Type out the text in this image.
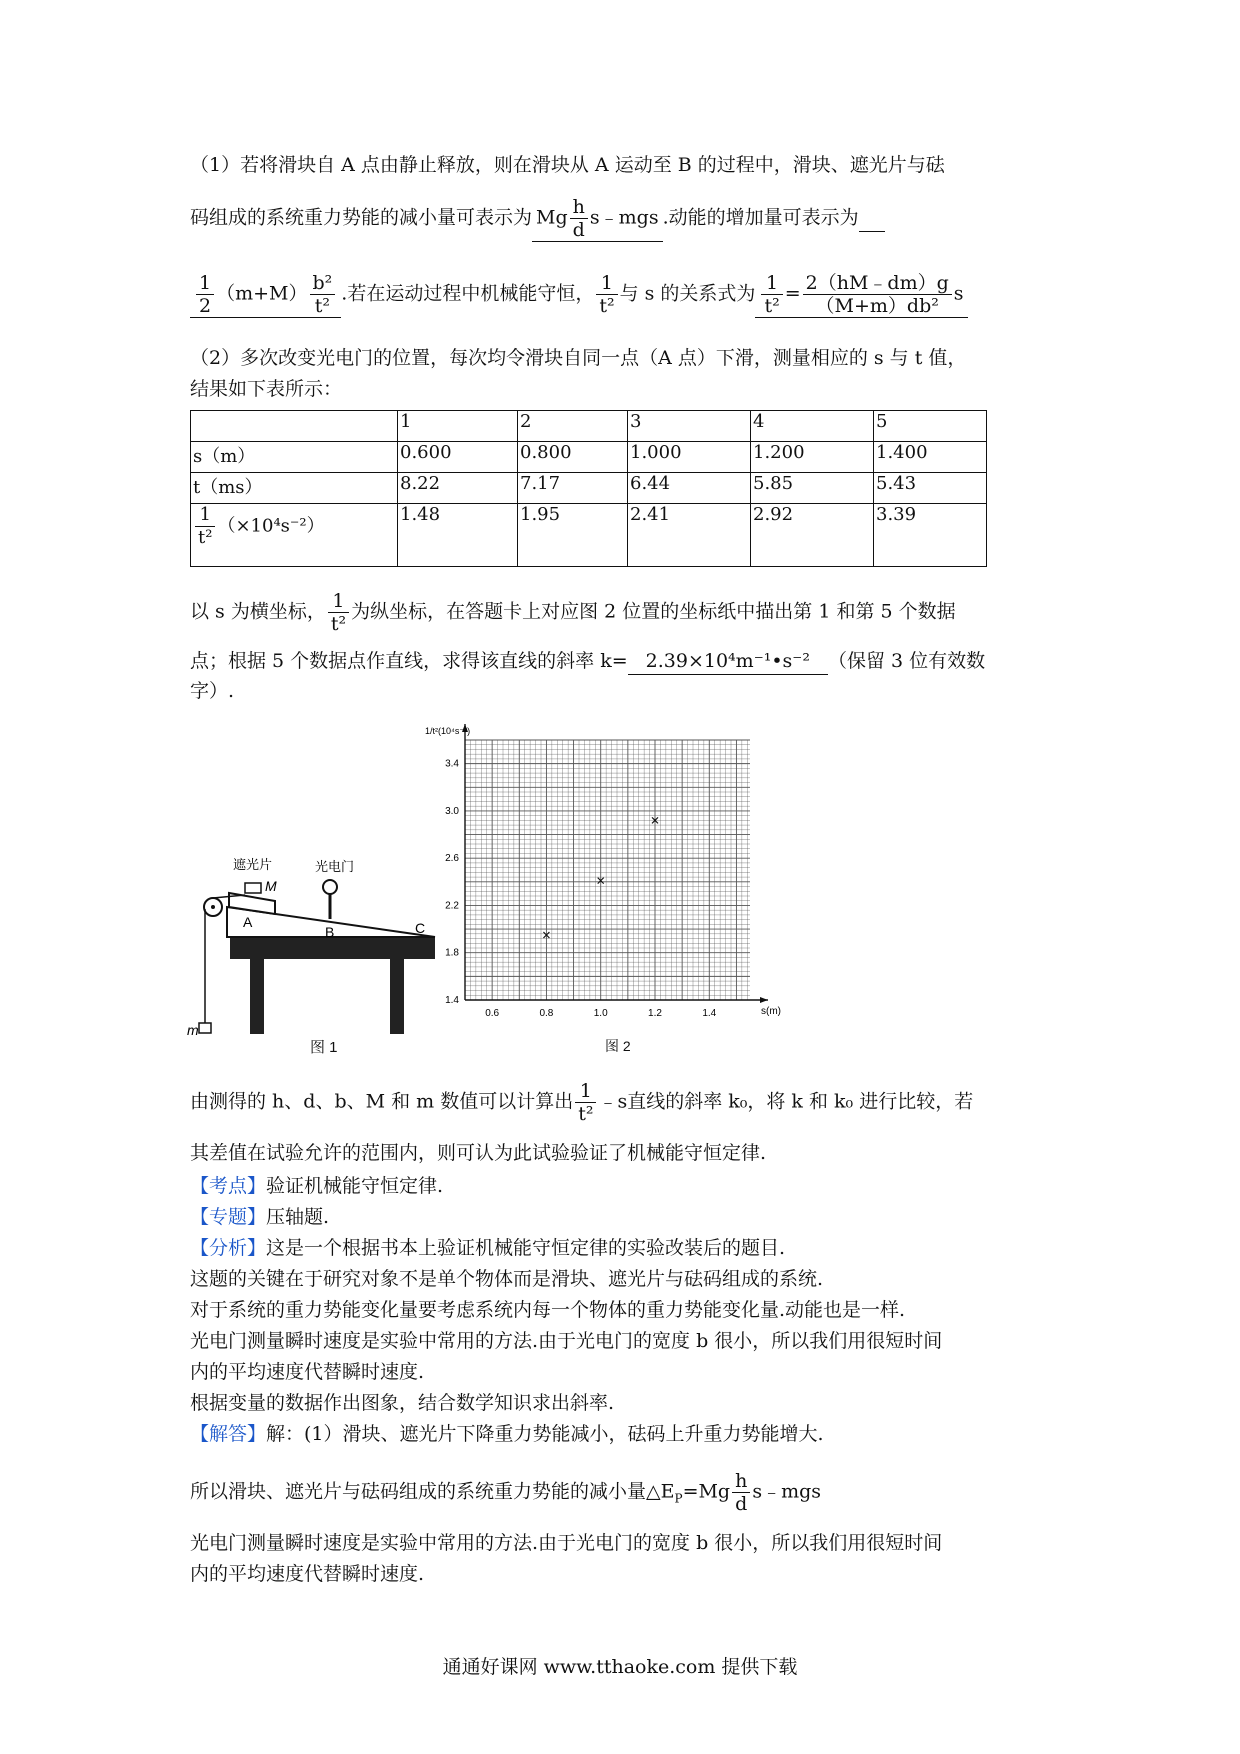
（1）若将滑块自 A 点由静止释放，则在滑块从 A 运动至 B 的过程中，滑块、遮光片与砝
码组成的系统重力势能的减小量可表示为 Mg $\frac{h}{d}$ s﹣mgs .动能的增加量可表示为
$\frac{1}{2} (m+M) \frac{\text{b²}}{\text{t²}}$ .若在运动过程中机械能守恒， $\frac{1}{\text{t²}}$ 与 s 的关系式为 $\frac{1}{\text{t²}} = \frac{2(hM﹣dm)g}{\text{（M+m）db²}}$ s
（2）多次改变光电门的位置，每次均令滑块自同一点（A 点）下滑，测量相应的 s 与 t 值，
结果如下表所示：
	1	2	3	4	5
s（m）	0.600	0.800	1.000	1.200	1.400
t（ms）	8.22	7.17	6.44	5.85	5.43

$\frac{1}{\text{t²}} (\times 10^4s^{-2})$	1.48	1.95	2.41	2.92	3.39
以 s 为横坐标， $\frac{1}{\text{t²}}$ 为纵坐标，在答题卡上对应图 2 位置的坐标纸中描出第 1 和第 5 个数据
点；根据 5 个数据点作直线，求得该直线的斜率 k= 2.39×10⁴m⁻¹•s⁻² （保留 3 位有效数
字）.
遮光片	光电门
M
A
B	C
m
图 1
0.6	0.8	1.0	1.2	1.4
1.4
1.8
2.2
2.6
3.0
3.4
1/t²(10⁴s⁻²)
s(m)
图 2
由测得的 h、d、b、M 和 m 数值可以计算出 $\frac{1}{\text{t²}}$ ﹣s直线的斜率 k₀，将 k 和 k₀ 进行比较，若
其差值在试验允许的范围内，则可认为此试验验证了机械能守恒定律.
【考点】验证机械能守恒定律.
【专题】压轴题.
【分析】这是一个根据书本上验证机械能守恒定律的实验改装后的题目.
这题的关键在于研究对象不是单个物体而是滑块、遮光片与砝码组成的系统.
对于系统的重力势能变化量要考虑系统内每一个物体的重力势能变化量.动能也是一样.
光电门测量瞬时速度是实验中常用的方法.由于光电门的宽度 b 很小，所以我们用很短时间
内的平均速度代替瞬时速度.
根据变量的数据作出图象，结合数学知识求出斜率.
【解答】解：(1）滑块、遮光片下降重力势能减小，砝码上升重力势能增大.
所以滑块、遮光片与砝码组成的系统重力势能的减小量$\triangle E_P=Mg \frac{h}{d}$ s﹣mgs
光电门测量瞬时速度是实验中常用的方法.由于光电门的宽度 b 很小，所以我们用很短时间
内的平均速度代替瞬时速度.
通通好课网 www.tthaoke.com 提供下载
